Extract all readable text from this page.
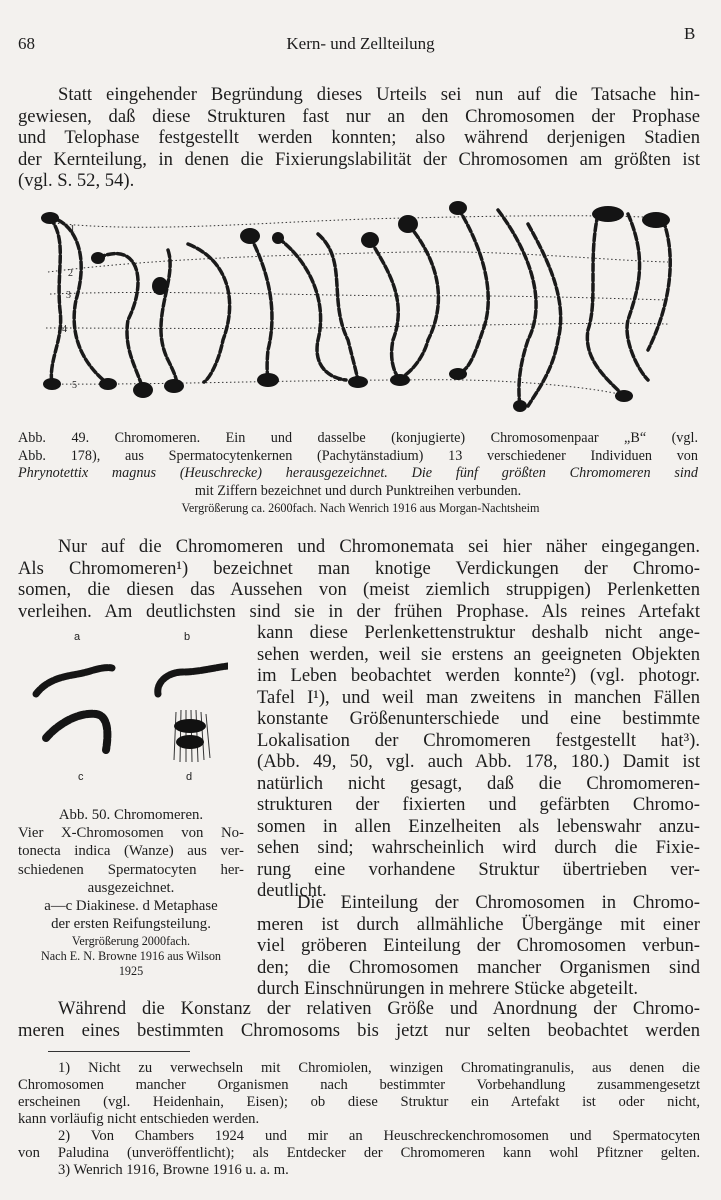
68	Kern- und Zellteilung
B
Statt eingehender Begründung dieses Urteils sei nun auf die Tatsache hin-
gewiesen, daß diese Strukturen fast nur an den Chromosomen der Prophase
und Telophase festgestellt werden konnten; also während derjenigen Stadien
der Kernteilung, in denen die Fixierungslabilität der Chromosomen am größten ist
(vgl. S. 52, 54).
1
2
3
4
5
Abb. 49. Chromomeren. Ein und dasselbe (konjugierte) Chromosomenpaar „B“ (vgl.
Abb. 178), aus Spermatocytenkernen (Pachytänstadium) 13 verschiedener Individuen von
Phrynotettix magnus (Heuschrecke) herausgezeichnet. Die fünf größten Chromomeren sind
mit Ziffern bezeichnet und durch Punktreihen verbunden.
Vergrößerung ca. 2600fach. Nach Wenrich 1916 aus Morgan-Nachtsheim
Nur auf die Chromomeren und Chromonemata sei hier näher eingegangen.
Als Chromomeren¹) bezeichnet man knotige Verdickungen der Chromo-
somen, die diesen das Aussehen von (meist ziemlich struppigen) Perlenketten
verleihen. Am deutlichsten sind sie in der frühen Prophase. Als reines Artefakt
a	b
c	d
Abb. 50. Chromomeren.
Vier X-Chromosomen von No-
tonecta indica (Wanze) aus ver-
schiedenen Spermatocyten her-
ausgezeichnet.
a—c Diakinese. d Metaphase
der ersten Reifungsteilung.
Vergrößerung 2000fach.
Nach E. N. Browne 1916 aus Wilson
1925
kann diese Perlenkettenstruktur deshalb nicht ange-
sehen werden, weil sie erstens an geeigneten Objekten
im Leben beobachtet werden konnte²) (vgl. photogr.
Tafel I¹), und weil man zweitens in manchen Fällen
konstante Größenunterschiede und eine bestimmte
Lokalisation der Chromomeren festgestellt hat³).
(Abb. 49, 50, vgl. auch Abb. 178, 180.) Damit ist
natürlich nicht gesagt, daß die Chromomeren-
strukturen der fixierten und gefärbten Chromo-
somen in allen Einzelheiten als lebenswahr anzu-
sehen sind; wahrscheinlich wird durch die Fixie-
rung eine vorhandene Struktur übertrieben ver-
deutlicht.
Die Einteilung der Chromosomen in Chromo-
meren ist durch allmähliche Übergänge mit einer
viel gröberen Einteilung der Chromosomen verbun-
den; die Chromosomen mancher Organismen sind
durch Einschnürungen in mehrere Stücke abgeteilt.
Während die Konstanz der relativen Größe und Anordnung der Chromo-
meren eines bestimmten Chromosoms bis jetzt nur selten beobachtet werden
1) Nicht zu verwechseln mit Chromiolen, winzigen Chromatingranulis, aus denen die
Chromosomen mancher Organismen nach bestimmter Vorbehandlung zusammengesetzt
erscheinen (vgl. Heidenhain, Eisen); ob diese Struktur ein Artefakt ist oder nicht,
kann vorläufig nicht entschieden werden.
2) Von Chambers 1924 und mir an Heuschreckenchromosomen und Spermatocyten
von Paludina (unveröffentlicht); als Entdecker der Chromomeren kann wohl Pfitzner gelten.
3) Wenrich 1916, Browne 1916 u. a. m.
